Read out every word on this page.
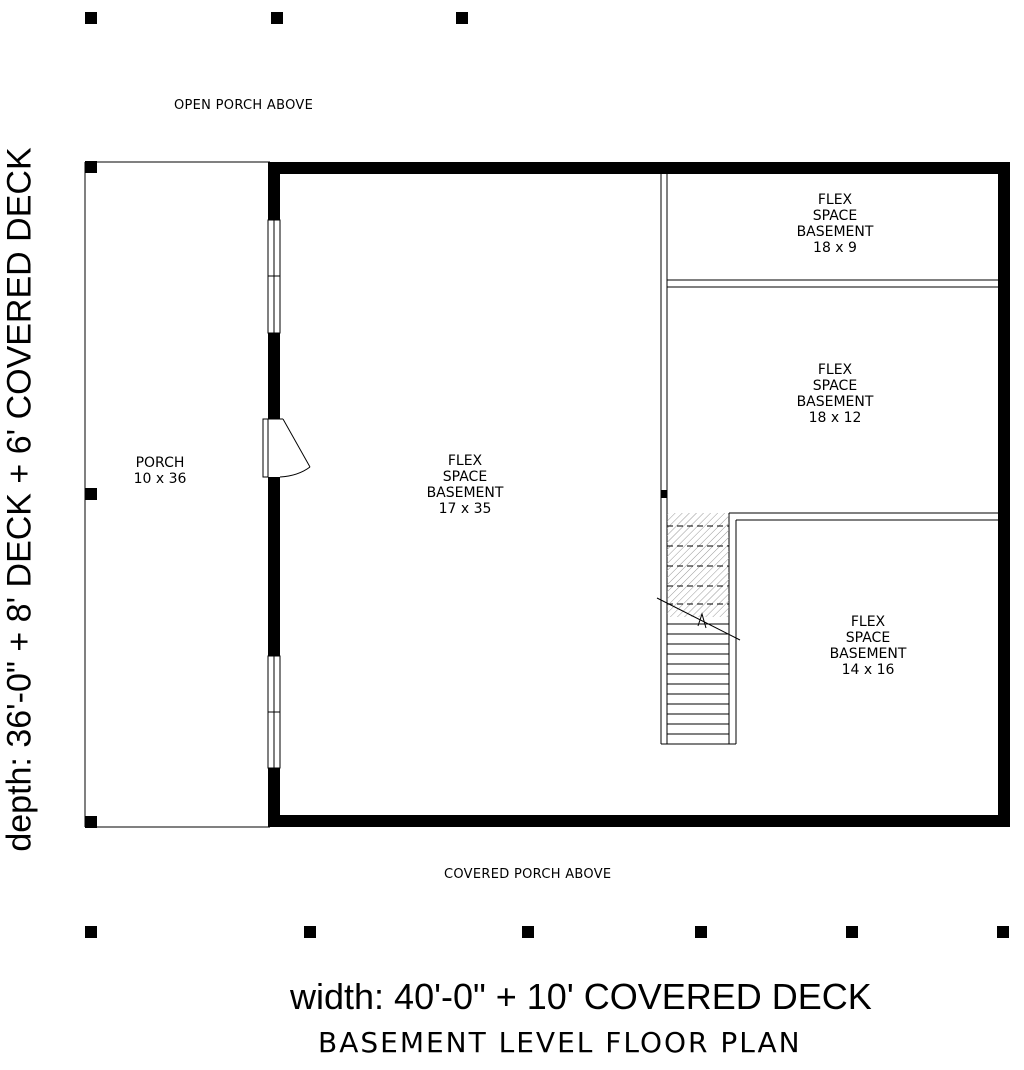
PORCH
10 x 36
FLEX
SPACE
BASEMENT
17 x 35
FLEX
SPACE
BASEMENT
18 x 9
FLEX
SPACE
BASEMENT
18 x 12
FLEX
SPACE
BASEMENT
14 x 16
OPEN PORCH ABOVE
COVERED PORCH ABOVE
depth: 36'-0" + 8' DECK + 6' COVERED DECK
width: 40'-0" + 10' COVERED DECK
BASEMENT LEVEL FLOOR PLAN
